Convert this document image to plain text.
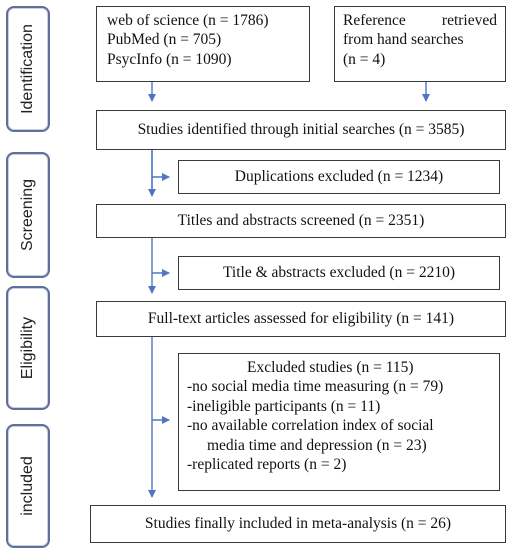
Identification
Screening
Eligibility
included
web of science (n = 1786)
PubMed (n = 705)
PsycInfo (n = 1090)
Reference retrieved
from hand searches
(n = 4)
Studies identified through initial searches (n = 3585)
Duplications excluded (n = 1234)
Titles and abstracts screened (n = 2351)
Title & abstracts excluded (n = 2210)
Full-text articles assessed for eligibility (n = 141)
Excluded studies (n = 115)
-no social media time measuring (n = 79)
-ineligible participants (n = 11)
-no available correlation index of social
media time and depression (n = 23)
-replicated reports (n = 2)
Studies finally included in meta-analysis (n = 26)
